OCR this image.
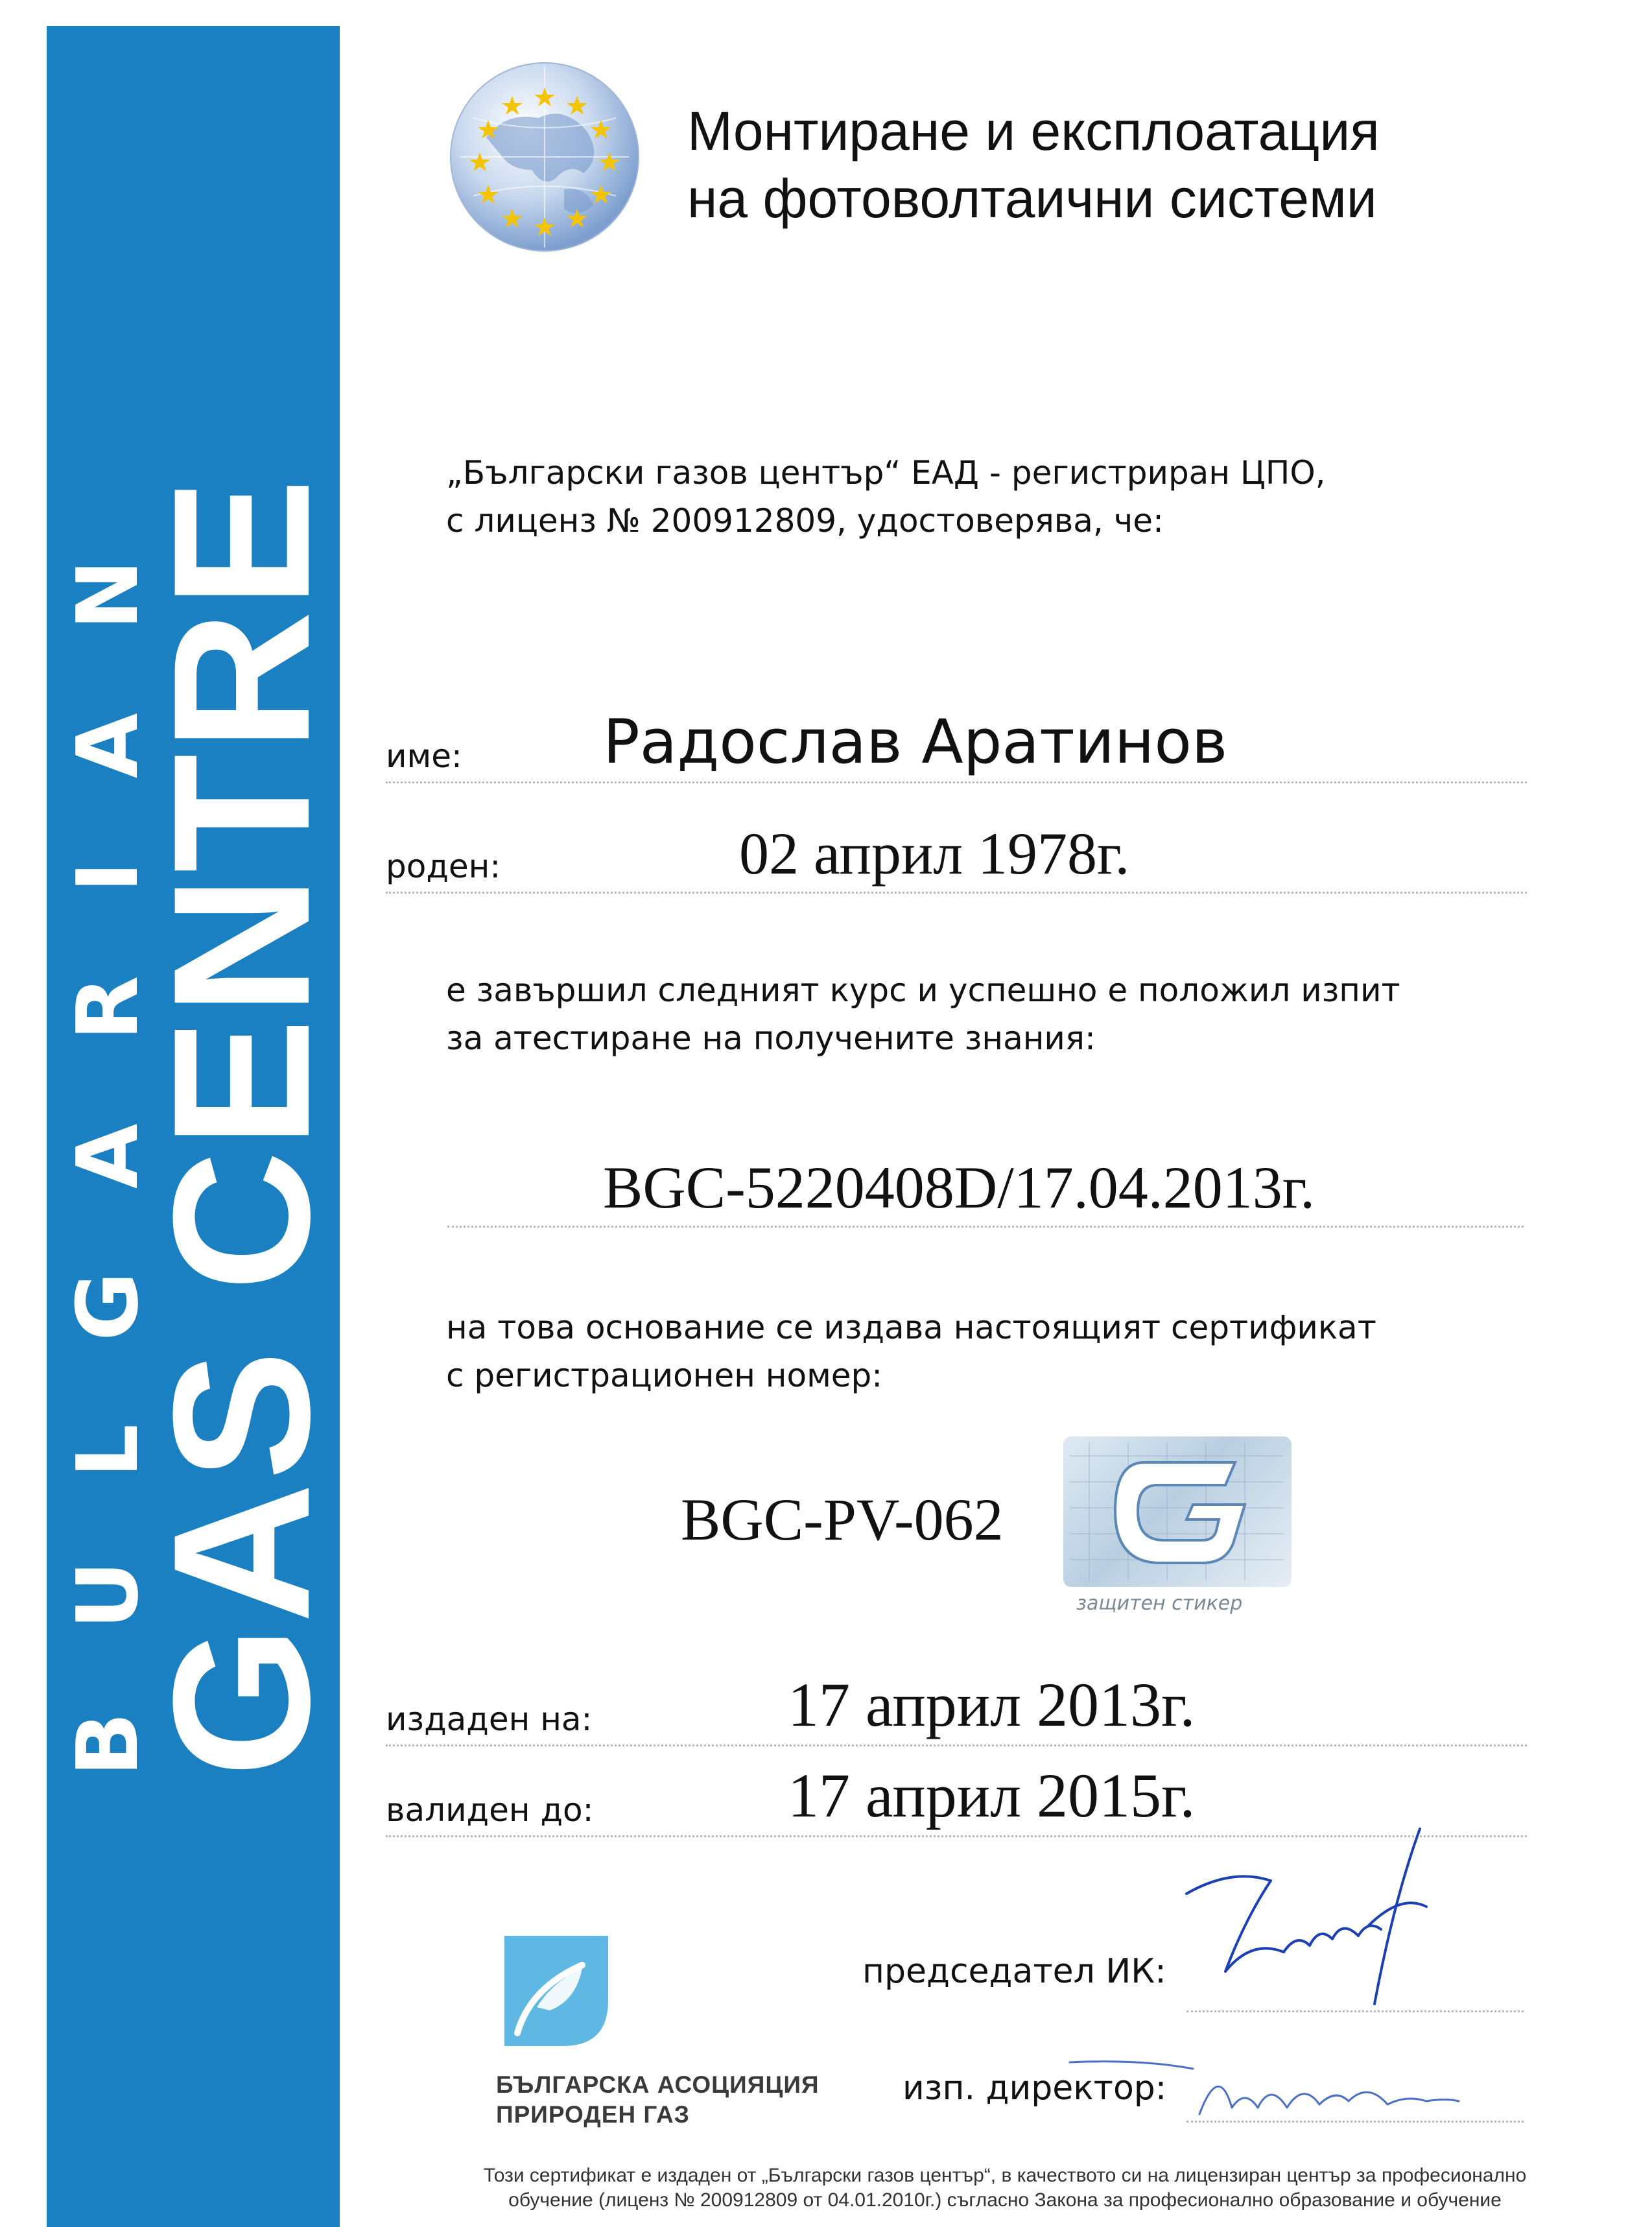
BULGARIAN
GAS CENTRE
Монтиране и експлоатация
на фотоволтаични системи
„Български газов център“ ЕАД - регистриран ЦПО,
с лиценз № 200912809, удостоверява, че:
име: Радослав Аратинов
роден:	02 април 1978г.
е завършил следният курс и успешно е положил изпит
за атестиране на получените знания:
BGC-5220408D/17.04.2013г.
на това основание се издава настоящият сертификат
с регистрационен номер:
BGC-PV-062
защитен стикер
издаден на:	17 април 2013г.
валиден до:	17 април 2015г.
БЪЛГАРСКА АСОЦИЯЦИЯ
ПРИРОДЕН ГАЗ
председател ИК:
изп. директор:
Този сертификат е издаден от „Български газов център“, в качеството си на лицензиран център за професионално
обучение (лиценз № 200912809 от 04.01.2010г.) съгласно Закона за професионално образование и обучение
